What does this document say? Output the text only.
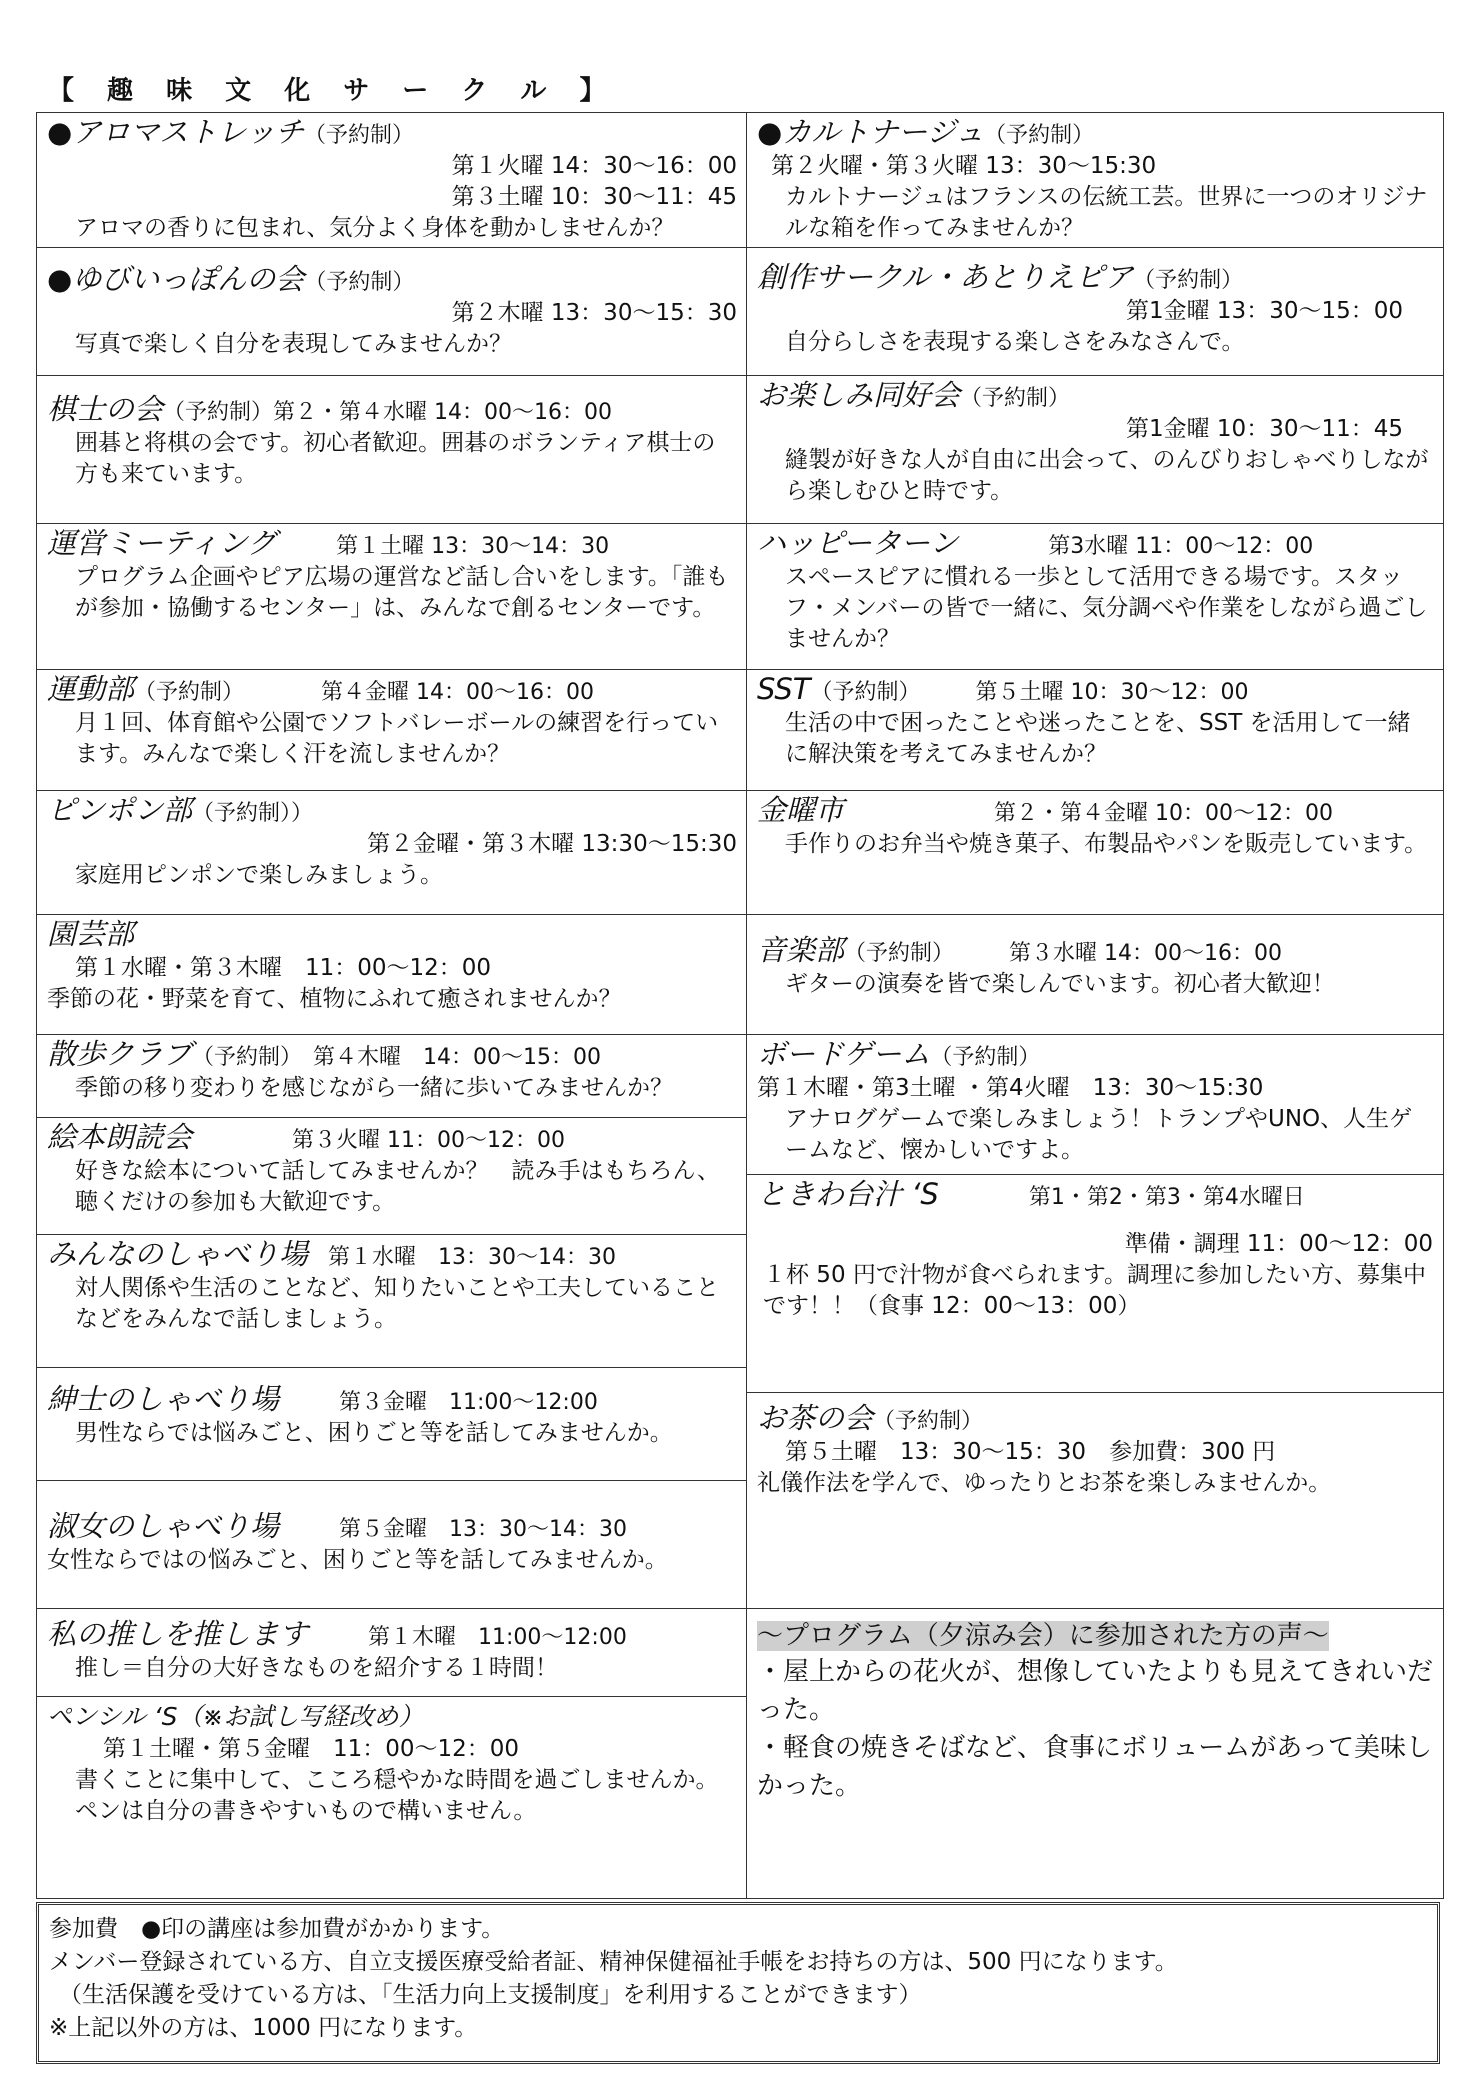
【 趣 味 文 化 サ ー ク ル 】
●アロマストレッチ（予約制）
第１火曜 14：30〜16：00
第３土曜 10：30〜11：45
アロマの香りに包まれ、気分よく身体を動かしませんか？
●ゆびいっぽんの会（予約制）
第２木曜 13：30〜15：30
写真で楽しく自分を表現してみませんか？
棋士の会（予約制）第２・第４水曜 14：00〜16：00
囲碁と将棋の会です。初心者歓迎。囲碁のボランティア棋士の方も来ています。
運営ミーティング	第１土曜 13：30〜14：30
プログラム企画やピア広場の運営など話し合いをします。「誰もが参加・協働するセンター」は、みんなで創るセンターです。
運動部（予約制）　　　　第４金曜 14：00〜16：00
月１回、体育館や公園でソフトバレーボールの練習を行っています。みんなで楽しく汗を流しませんか？
ピンポン部（予約制））
第２金曜・第３木曜 13:30〜15:30
家庭用ピンポンで楽しみましょう。
園芸部
第１水曜・第３木曜　11：00〜12：00
季節の花・野菜を育て、植物にふれて癒されませんか？
散歩クラブ（予約制）　第４木曜　14：00〜15：00
季節の移り変わりを感じながら一緒に歩いてみませんか？
絵本朗読会	第３火曜 11：00〜12：00
好きな絵本について話してみませんか？　読み手はもちろん、聴くだけの参加も大歓迎です。
みんなのしゃべり場 第１水曜　13：30〜14：30
対人関係や生活のことなど、知りたいことや工夫していることなどをみんなで話しましょう。
紳士のしゃべり場	第３金曜　11:00〜12:00
男性ならでは悩みごと、困りごと等を話してみませんか。
淑女のしゃべり場	第５金曜　13：30〜14：30
女性ならではの悩みごと、困りごと等を話してみませんか。
私の推しを推します	第１木曜　11:00〜12:00
推し＝自分の大好きなものを紹介する１時間！
ペンシル ʻS（※お試し写経改め）
第１土曜・第５金曜　11：00〜12：00
書くことに集中して、こころ穏やかな時間を過ごしませんか。ペンは自分の書きやすいもので構いません。
●カルトナージュ（予約制）
第２火曜・第３火曜 13：30〜15:30
カルトナージュはフランスの伝統工芸。世界に一つのオリジナルな箱を作ってみませんか？
創作サークル・あとりえピア（予約制）
第1金曜 13：30〜15：00
自分らしさを表現する楽しさをみなさんで。
お楽しみ同好会（予約制）
第1金曜 10：30〜11：45
縫製が好きな人が自由に出会って、のんびりおしゃべりしながら楽しむひと時です。
ハッピーターン	第3水曜 11：00〜12：00
スペースピアに慣れる一歩として活用できる場です。スタッフ・メンバーの皆で一緒に、気分調べや作業をしながら過ごしませんか？
SST（予約制）　　　第５土曜 10：30〜12：00
生活の中で困ったことや迷ったことを、SST を活用して一緒に解決策を考えてみませんか？
金曜市	第２・第４金曜 10：00〜12：00
手作りのお弁当や焼き菓子、布製品やパンを販売しています。
音楽部（予約制）　　　第３水曜 14：00〜16：00
ギターの演奏を皆で楽しんでいます。初心者大歓迎！
ボードゲーム（予約制）
第１木曜・第3土曜 ・第4火曜　13：30〜15:30
アナログゲームで楽しみましょう！トランプやUNO、人生ゲームなど、懐かしいですよ。
ときわ台汁 ʻS	第1・第2・第3・第4水曜日
準備・調理 11：00〜12：00
１杯 50 円で汁物が食べられます。調理に参加したい方、募集中です！！（食事 12：00〜13：00）
お茶の会（予約制）
第５土曜　13：30〜15：30　参加費：300 円
礼儀作法を学んで、ゆったりとお茶を楽しみませんか。
〜プログラム（夕涼み会）に参加された方の声〜
・屋上からの花火が、想像していたよりも見えてきれいだった。
・軽食の焼きそばなど、食事にボリュームがあって美味しかった。
参加費　●印の講座は参加費がかかります。
メンバー登録されている方、自立支援医療受給者証、精神保健福祉手帳をお持ちの方は、500 円になります。
（生活保護を受けている方は、「生活力向上支援制度」を利用することができます）
※上記以外の方は、1000 円になります。
